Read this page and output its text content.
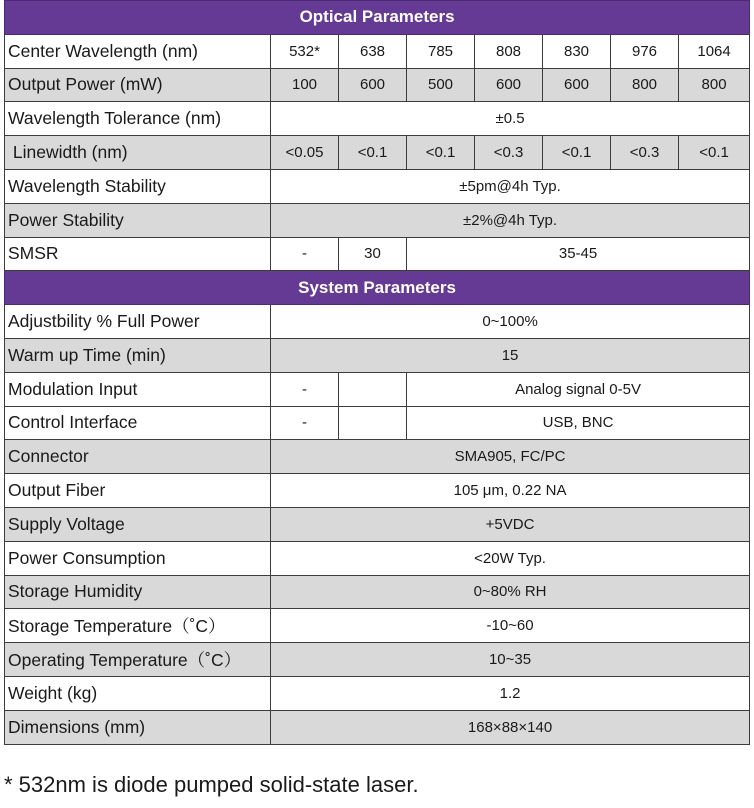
Optical Parameters							
Center Wavelength (nm)	532*	638	785	808	830	976	1064
Output Power (mW)	100	600	500	600	600	800	800
Wavelength Tolerance (nm)	±0.5						
Linewidth (nm)	<0.05	<0.1	<0.1	<0.3	<0.1	<0.3	<0.1
Wavelength Stability	±5pm@4h Typ.						
Power Stability	±2%@4h Typ.						
SMSR	-	30	35-45				
System Parameters							
Adjustbility % Full Power	0~100%						
Warm up Time (min)	15						
Modulation Input	-		Analog signal 0-5V				
Control Interface	-		USB, BNC				
Connector	SMA905, FC/PC						
Output Fiber	105 μm, 0.22 NA						
Supply Voltage	+5VDC						
Power Consumption	<20W Typ.						
Storage Humidity	0~80% RH						
Storage Temperature（˚C）	-10~60						
Operating Temperature（˚C）	10~35						
Weight (kg)	1.2						
Dimensions (mm)	168×88×140						
* 532nm is diode pumped solid-state laser.
